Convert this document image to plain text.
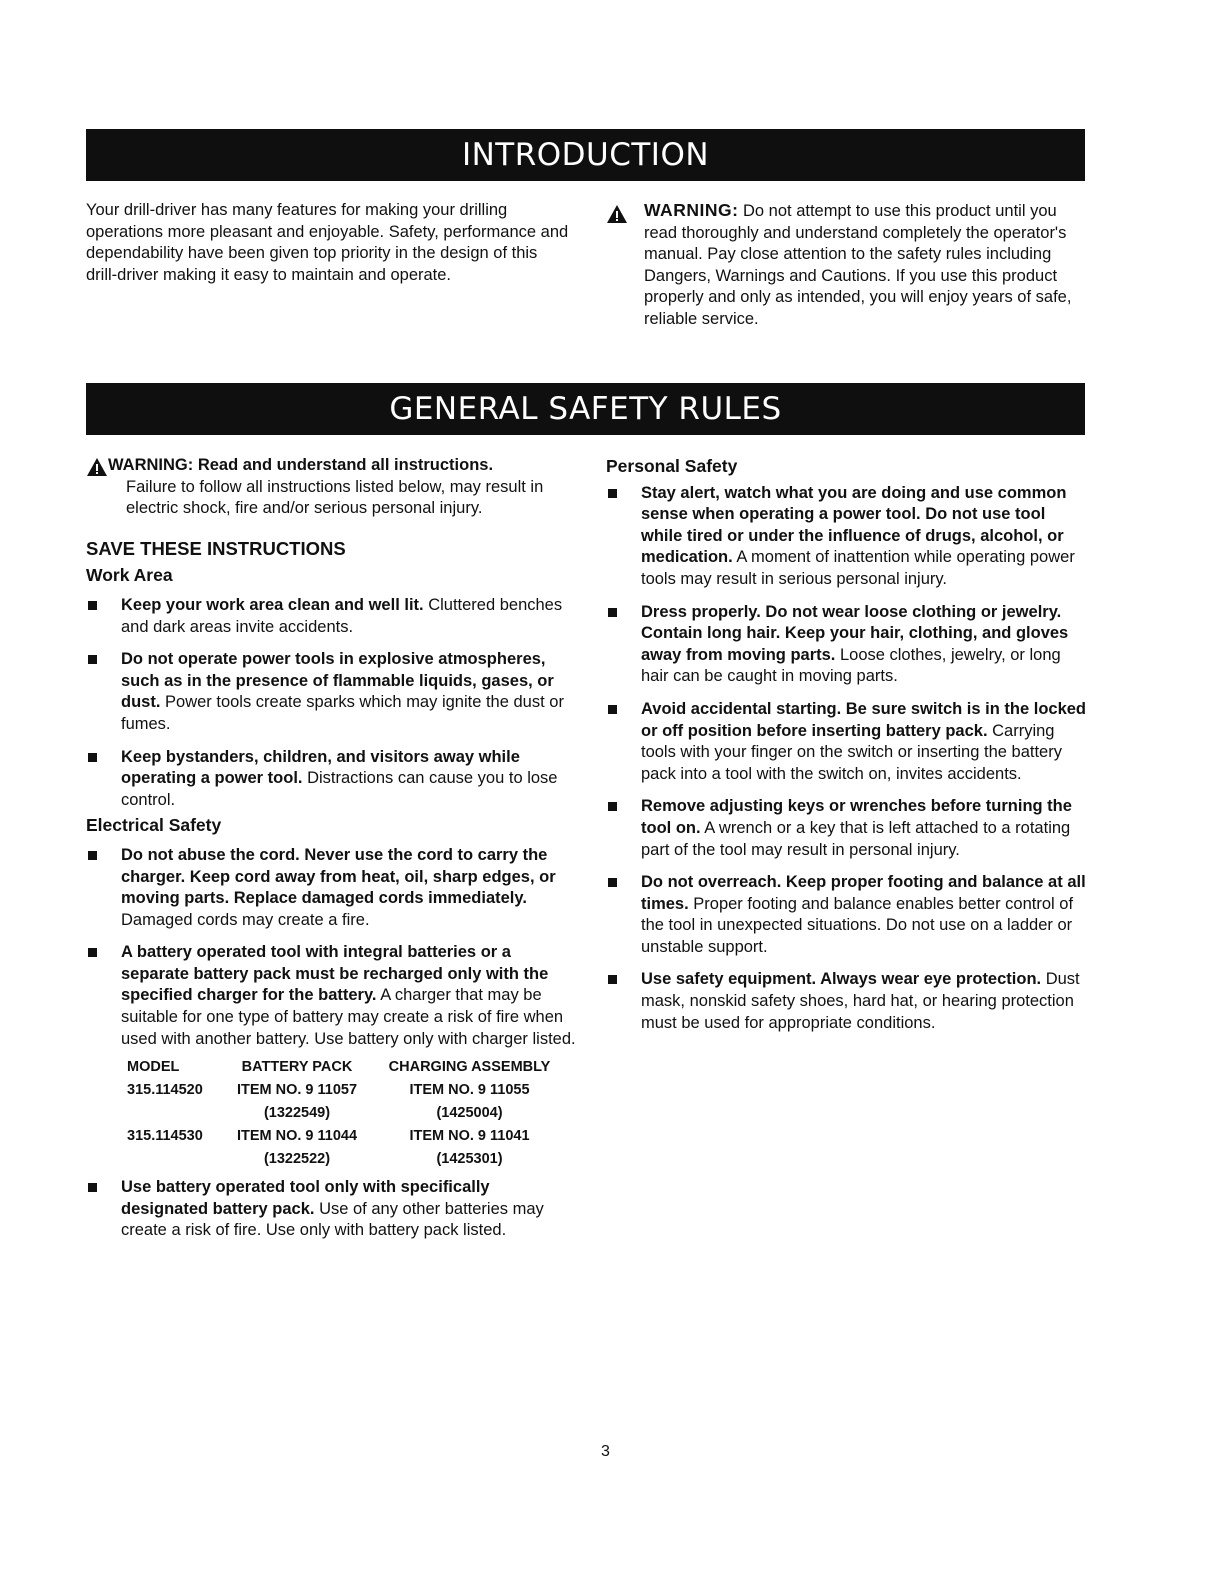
INTRODUCTION

Your drill-driver has many features for making your drilling operations more pleasant and enjoyable. Safety, performance and dependability have been given top priority in the design of this drill-driver making it easy to maintain and operate.

WARNING: Do not attempt to use this product until you read thoroughly and understand completely the operator's manual. Pay close attention to the safety rules including Dangers, Warnings and Cautions. If you use this product properly and only as intended, you will enjoy years of safe, reliable service.

GENERAL SAFETY RULES

WARNING: Read and understand all instructions.

Failure to follow all instructions listed below, may result in electric shock, fire and/or serious personal injury.

SAVE THESE INSTRUCTIONS

Work Area

Keep your work area clean and well lit. Cluttered benches and dark areas invite accidents.
Do not operate power tools in explosive atmospheres, such as in the presence of flammable liquids, gases, or dust. Power tools create sparks which may ignite the dust or fumes.
Keep bystanders, children, and visitors away while operating a power tool. Distractions can cause you to lose control.

Electrical Safety

Do not abuse the cord. Never use the cord to carry the charger. Keep cord away from heat, oil, sharp edges, or moving parts. Replace damaged cords immediately. Damaged cords may create a fire.
A battery operated tool with integral batteries or a separate battery pack must be recharged only with the specified charger for the battery. A charger that may be suitable for one type of battery may create a risk of fire when used with another battery. Use battery only with charger listed.
MODEL	BATTERY PACK	CHARGING ASSEMBLY
315.114520	ITEM NO. 9 11057	ITEM NO. 9 11055
	(1322549)	(1425004)
315.114530	ITEM NO. 9 11044	ITEM NO. 9 11041
	(1322522)	(1425301)
Use battery operated tool only with specifically designated battery pack. Use of any other batteries may create a risk of fire. Use only with battery pack listed.

Personal Safety

Stay alert, watch what you are doing and use common sense when operating a power tool. Do not use tool while tired or under the influence of drugs, alcohol, or medication. A moment of inattention while operating power tools may result in serious personal injury.
Dress properly. Do not wear loose clothing or jewelry. Contain long hair. Keep your hair, clothing, and gloves away from moving parts. Loose clothes, jewelry, or long hair can be caught in moving parts.
Avoid accidental starting. Be sure switch is in the locked or off position before inserting battery pack. Carrying tools with your finger on the switch or inserting the battery pack into a tool with the switch on, invites accidents.
Remove adjusting keys or wrenches before turning the tool on. A wrench or a key that is left attached to a rotating part of the tool may result in personal injury.
Do not overreach. Keep proper footing and balance at all times. Proper footing and balance enables better control of the tool in unexpected situations. Do not use on a ladder or unstable support.
Use safety equipment. Always wear eye protection. Dust mask, nonskid safety shoes, hard hat, or hearing protection must be used for appropriate conditions.
3
